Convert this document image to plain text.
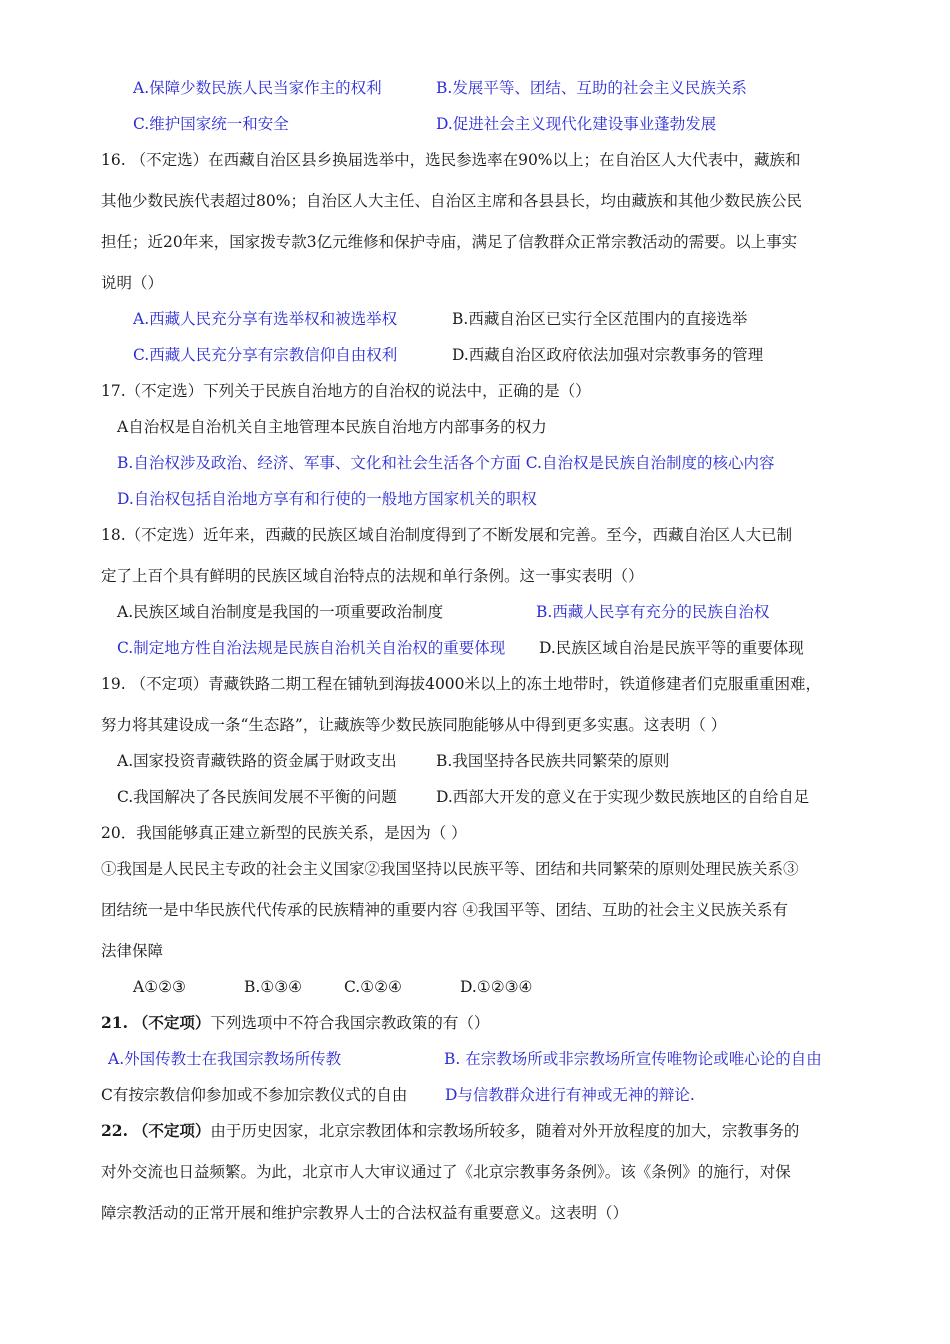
A.保障少数民族人民当家作主的权利	B.发展平等、团结、互助的社会主义民族关系
C.维护国家统一和安全	D.促进社会主义现代化建设事业蓬勃发展
16. （不定选）在西藏自治区县乡换届选举中，选民参选率在90%以上；在自治区人大代表中，藏族和
其他少数民族代表超过80%；自治区人大主任、自治区主席和各县县长，均由藏族和其他少数民族公民
担任；近20年来，国家拨专款3亿元维修和保护寺庙，满足了信教群众正常宗教活动的需要。以上事实
说明（）
A.西藏人民充分享有选举权和被选举权	B.西藏自治区已实行全区范围内的直接选举
C.西藏人民充分享有宗教信仰自由权利	D.西藏自治区政府依法加强对宗教事务的管理
17.（不定选）下列关于民族自治地方的自治权的说法中，正确的是（）
A自治权是自治机关自主地管理本民族自治地方内部事务的权力
B.自治权涉及政治、经济、军事、文化和社会生活各个方面 C.自治权是民族自治制度的核心内容
D.自治权包括自治地方享有和行使的一般地方国家机关的职权
18.（不定选）近年来，西藏的民族区域自治制度得到了不断发展和完善。至今，西藏自治区人大已制
定了上百个具有鲜明的民族区域自治特点的法规和单行条例。这一事实表明（）
A.民族区域自治制度是我国的一项重要政治制度	B.西藏人民享有充分的民族自治权
C.制定地方性自治法规是民族自治机关自治权的重要体现 D.民族区域自治是民族平等的重要体现
19. （不定项）青藏铁路二期工程在铺轨到海拔4000米以上的冻土地带时，铁道修建者们克服重重困难，
努力将其建设成一条“生态路”，让藏族等少数民族同胞能够从中得到更多实惠。这表明（ ）
A.国家投资青藏铁路的资金属于财政支出	B.我国坚持各民族共同繁荣的原则
C.我国解决了各民族间发展不平衡的问题	D.西部大开发的意义在于实现少数民族地区的自给自足
20．我国能够真正建立新型的民族关系，是因为（ ）
①我国是人民民主专政的社会主义国家②我国坚持以民族平等、团结和共同繁荣的原则处理民族关系③
团结统一是中华民族代代传承的民族精神的重要内容 ④我国平等、团结、互助的社会主义民族关系有
法律保障
A①②③	B.①③④	C.①②④	D.①②③④
21. （不定项）下列选项中不符合我国宗教政策的有（）
A.外国传教士在我国宗教场所传教	B. 在宗教场所或非宗教场所宣传唯物论或唯心论的自由
C有按宗教信仰参加或不参加宗教仪式的自由 D与信教群众进行有神或无神的辩论.
22. （不定项）由于历史因家，北京宗教团体和宗教场所较多，随着对外开放程度的加大，宗教事务的
对外交流也日益频繁。为此，北京市人大审议通过了《北京宗教事务条例》。该《条例》的施行，对保
障宗教活动的正常开展和维护宗教界人士的合法权益有重要意义。这表明（）
